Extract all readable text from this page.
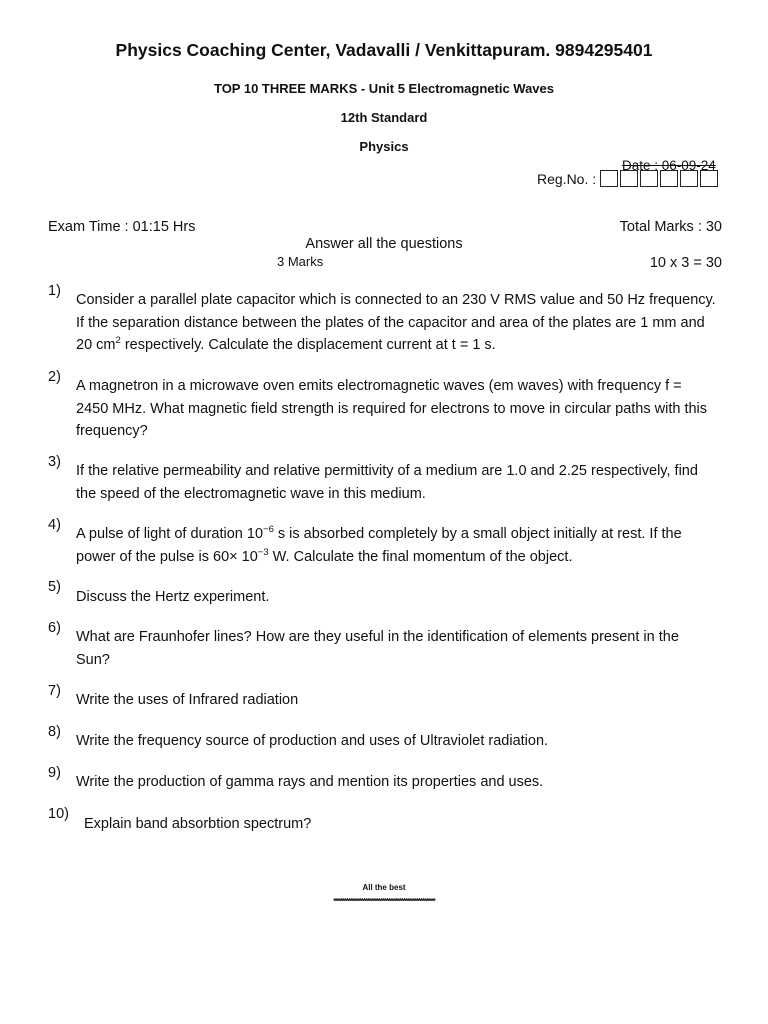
Physics Coaching Center, Vadavalli / Venkittapuram. 9894295401
TOP 10 THREE MARKS - Unit 5 Electromagnetic Waves
12th Standard
Physics
Date : 06-09-24
Reg.No. :
Exam Time : 01:15 Hrs	Total Marks : 30
Answer all the questions
3 Marks	10 x 3 = 30
1)
Consider a parallel plate capacitor which is connected to an 230 V RMS value and 50 Hz frequency. If the separation distance between the plates of the capacitor and area of the plates are 1 mm and 20 $cm^2$ respectively. Calculate the displacement current at t = 1 s.
2)
A magnetron in a microwave oven emits electromagnetic waves (em waves) with frequency f = 2450 MHz. What magnetic field strength is required for electrons to move in circular paths with this frequency?
3)
If the relative permeability and relative permittivity of a medium are 1.0 and 2.25 respectively, find the speed of the electromagnetic wave in this medium.
4)
A pulse of light of duration $10^{-6}$ s is absorbed completely by a small object initially at rest. If the power of the pulse is $60\times 10^{-3}$ W. Calculate the final momentum of the object.
5)
Discuss the Hertz experiment.
6)
What are Fraunhofer lines? How are they useful in the identification of elements present in the Sun?
7)
Write the uses of Infrared radiation
8)
Write the frequency source of production and uses of Ultraviolet radiation.
9)
Write the production of gamma rays and mention its properties and uses.
10)
Explain band absorbtion spectrum?
All the best
************************************************
